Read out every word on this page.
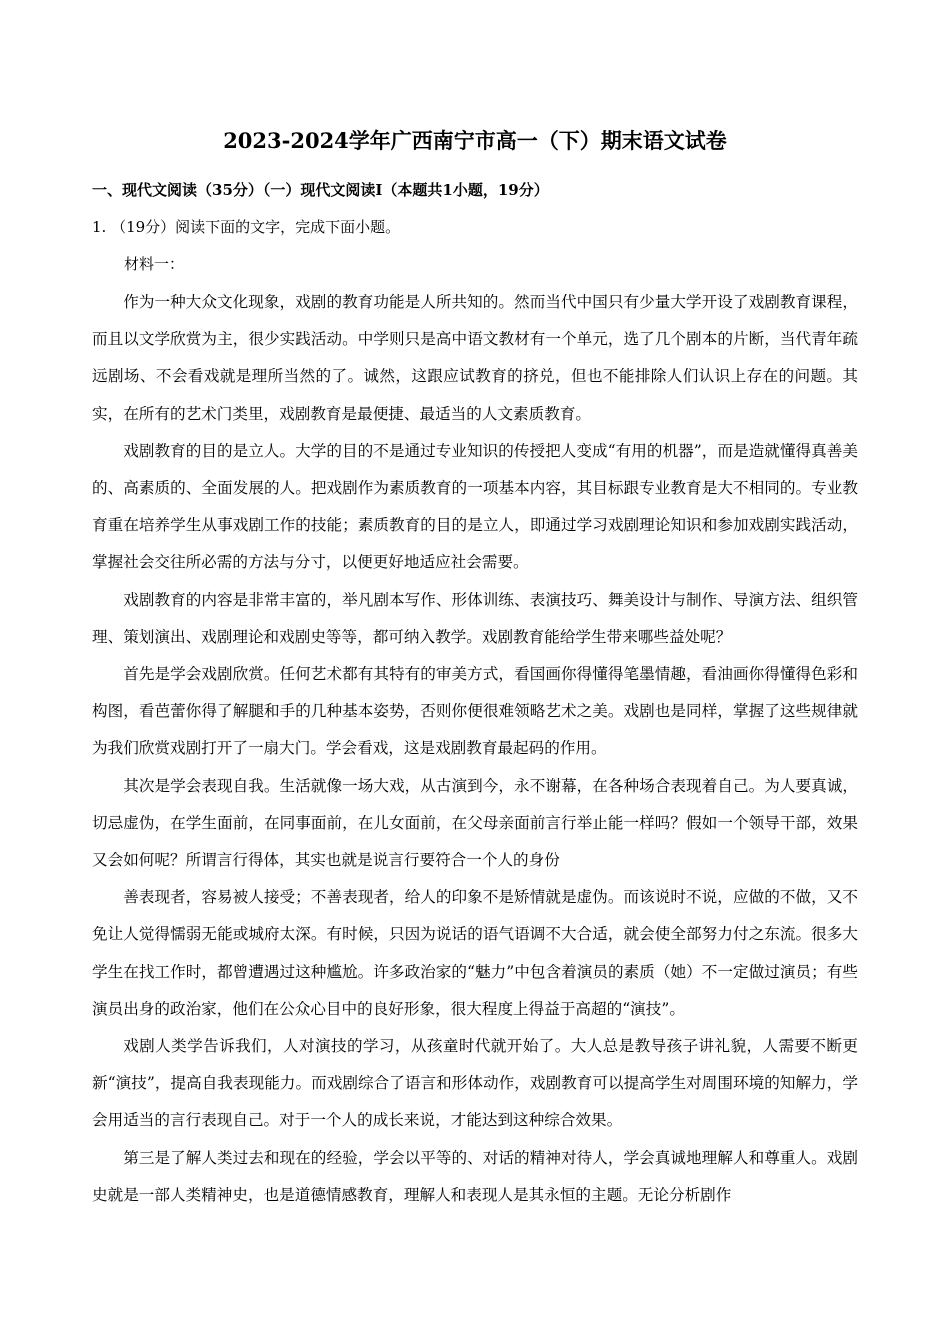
2023-2024学年广西南宁市高一（下）期末语文试卷
一、现代文阅读（35分）（一）现代文阅读Ⅰ（本题共1小题，19分）
1. （19分）阅读下面的文字，完成下面小题。
材料一：

作为一种大众文化现象，戏剧的教育功能是人所共知的。然而当代中国只有少量大学开设了戏剧教育课程，而且以文学欣赏为主，很少实践活动。中学则只是高中语文教材有一个单元，选了几个剧本的片断，当代青年疏远剧场、不会看戏就是理所当然的了。诚然，这跟应试教育的挤兑，但也不能排除人们认识上存在的问题。其实，在所有的艺术门类里，戏剧教育是最便捷、最适当的人文素质教育。

戏剧教育的目的是立人。大学的目的不是通过专业知识的传授把人变成“有用的机器”，而是造就懂得真善美的、高素质的、全面发展的人。把戏剧作为素质教育的一项基本内容，其目标跟专业教育是大不相同的。专业教育重在培养学生从事戏剧工作的技能；素质教育的目的是立人，即通过学习戏剧理论知识和参加戏剧实践活动，掌握社会交往所必需的方法与分寸，以便更好地适应社会需要。

戏剧教育的内容是非常丰富的，举凡剧本写作、形体训练、表演技巧、舞美设计与制作、导演方法、组织管理、策划演出、戏剧理论和戏剧史等等，都可纳入教学。戏剧教育能给学生带来哪些益处呢？

首先是学会戏剧欣赏。任何艺术都有其特有的审美方式，看国画你得懂得笔墨情趣，看油画你得懂得色彩和构图，看芭蕾你得了解腿和手的几种基本姿势，否则你便很难领略艺术之美。戏剧也是同样，掌握了这些规律就为我们欣赏戏剧打开了一扇大门。学会看戏，这是戏剧教育最起码的作用。

其次是学会表现自我。生活就像一场大戏，从古演到今，永不谢幕，在各种场合表现着自己。为人要真诚，切忌虚伪，在学生面前，在同事面前，在儿女面前，在父母亲面前言行举止能一样吗？假如一个领导干部，效果又会如何呢？所谓言行得体，其实也就是说言行要符合一个人的身份

善表现者，容易被人接受；不善表现者，给人的印象不是矫情就是虚伪。而该说时不说，应做的不做，又不免让人觉得懦弱无能或城府太深。有时候，只因为说话的语气语调不大合适，就会使全部努力付之东流。很多大学生在找工作时，都曾遭遇过这种尴尬。许多政治家的“魅力”中包含着演员的素质（她）不一定做过演员；有些演员出身的政治家，他们在公众心目中的良好形象，很大程度上得益于高超的“演技”。

戏剧人类学告诉我们，人对演技的学习，从孩童时代就开始了。大人总是教导孩子讲礼貌，人需要不断更新“演技”，提高自我表现能力。而戏剧综合了语言和形体动作，戏剧教育可以提高学生对周围环境的知解力，学会用适当的言行表现自己。对于一个人的成长来说，才能达到这种综合效果。

第三是了解人类过去和现在的经验，学会以平等的、对话的精神对待人，学会真诚地理解人和尊重人。戏剧史就是一部人类精神史，也是道德情感教育，理解人和表现人是其永恒的主题。无论分析剧作
